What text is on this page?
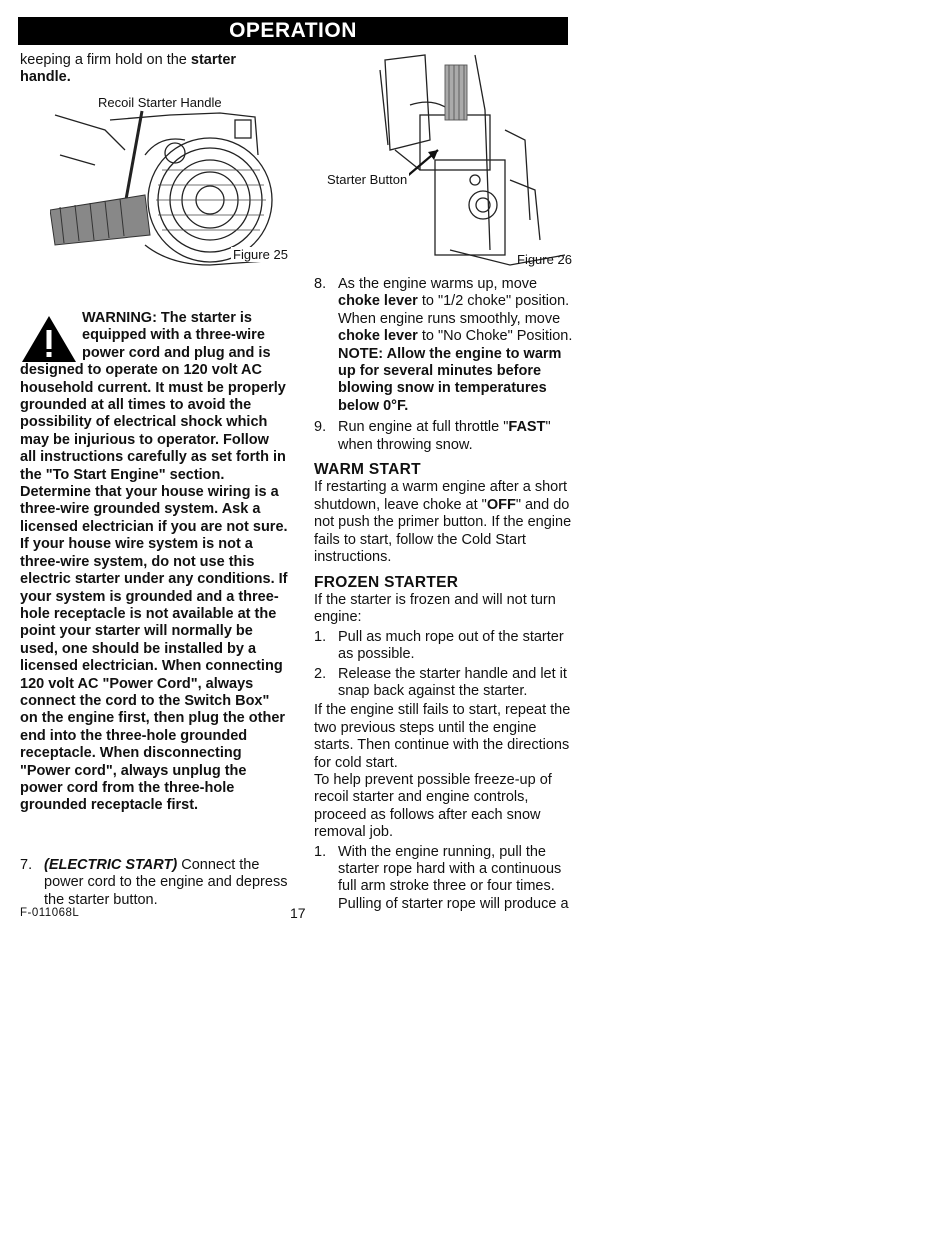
OPERATION
keeping a firm hold on the starter handle.
Recoil Starter Handle
Figure 25
Starter Button
Figure 26

WARNING: The starter is

equipped with a three-wire

power cord and plug and is

designed to operate on 120 volt AC household current. It must be properly grounded at all times to avoid the possibility of electrical shock which may be injurious to operator. Follow all instructions carefully as set forth in the "To Start Engine" section. Determine that your house wiring is a three-wire grounded system. Ask a licensed electrician if you are not sure. If your house wire system is not a three-wire system, do not use this electric starter under any conditions. If your system is grounded and a three-hole receptacle is not available at the point your starter will normally be used, one should be installed by a licensed electrician. When connecting 120 volt AC "Power Cord", always connect the cord to the Switch Box" on the engine first, then plug the other end into the three-hole grounded receptacle. When disconnecting "Power cord", always unplug the power cord from the three-hole grounded receptacle first.

7. (ELECTRIC START) Connect the power cord to the engine and depress the starter button.
F-011068L	17
8. As the engine warms up, move choke lever to "1/2 choke" position. When engine runs smoothly, move choke lever to "No Choke" Position.

NOTE: Allow the engine to warm up for several minutes before blowing snow in temperatures below 0°F.

9. Run engine at full throttle "FAST" when throwing snow.
WARM START

If restarting a warm engine after a short shutdown, leave choke at "OFF" and do not push the primer button. If the engine fails to start, follow the Cold Start instructions.

FROZEN STARTER

If the starter is frozen and will not turn engine:

1. Pull as much rope out of the starter as possible.
2. Release the starter handle and let it snap back against the starter.

If the engine still fails to start, repeat the two previous steps until the engine starts. Then continue with the directions for cold start.

To help prevent possible freeze-up of recoil starter and engine controls, proceed as follows after each snow removal job.

1. With the engine running, pull the starter rope hard with a continuous full arm stroke three or four times. Pulling of starter rope will produce a
